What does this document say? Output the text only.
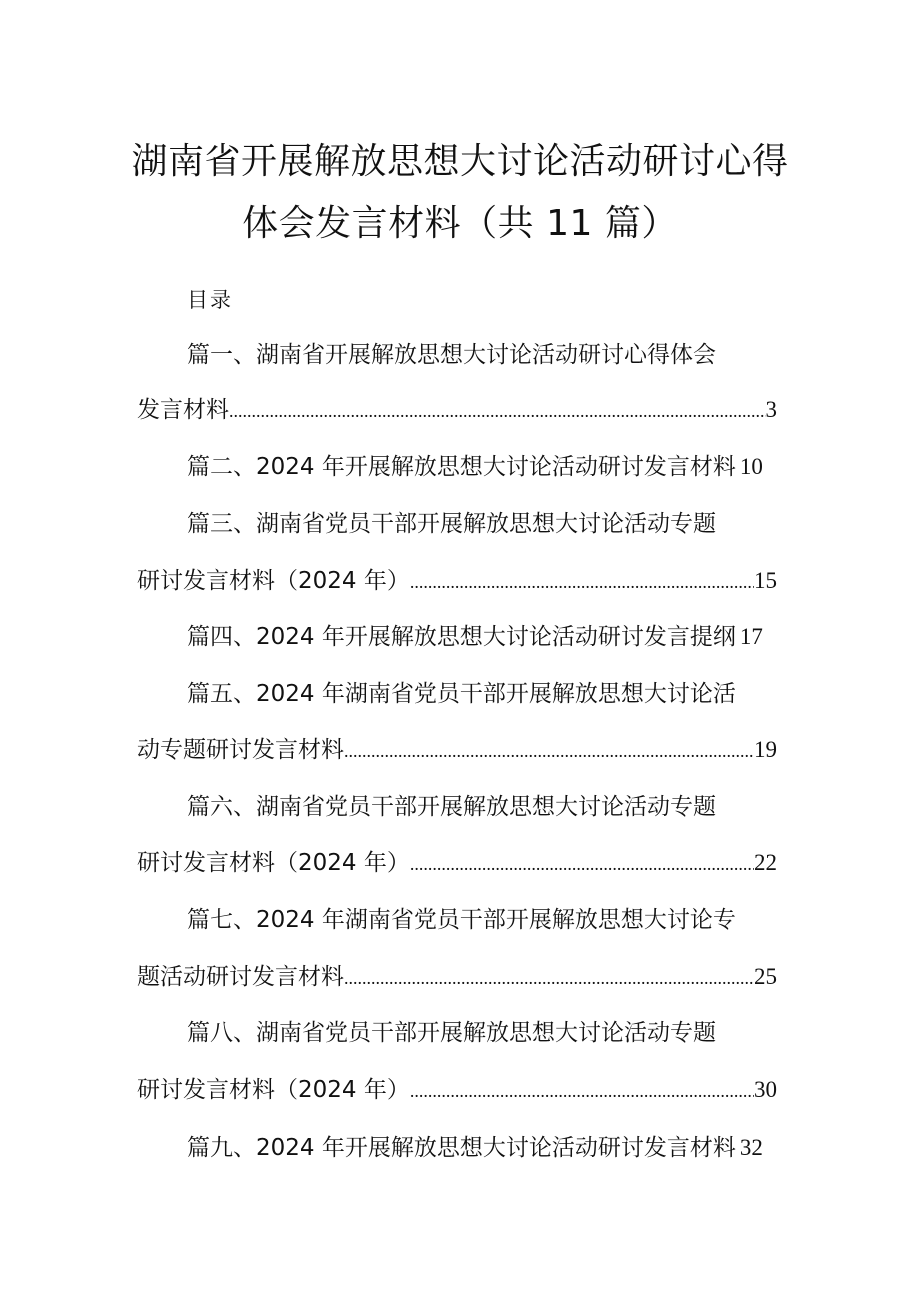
湖南省开展解放思想大讨论活动研讨心得
体会发言材料（共 11 篇）
目录
篇一、湖南省开展解放思想大讨论活动研讨心得体会
发言材料 .....	3
篇二、2024 年开展解放思想大讨论活动研讨发言材料 10
篇三、湖南省党员干部开展解放思想大讨论活动专题
研讨发言材料（2024 年） .....	15
篇四、2024 年开展解放思想大讨论活动研讨发言提纲 17
篇五、2024 年湖南省党员干部开展解放思想大讨论活
动专题研讨发言材料 .....	19
篇六、湖南省党员干部开展解放思想大讨论活动专题
研讨发言材料（2024 年） .....	22
篇七、2024 年湖南省党员干部开展解放思想大讨论专
题活动研讨发言材料 .....	25
篇八、湖南省党员干部开展解放思想大讨论活动专题
研讨发言材料（2024 年） .....	30
篇九、2024 年开展解放思想大讨论活动研讨发言材料 32
